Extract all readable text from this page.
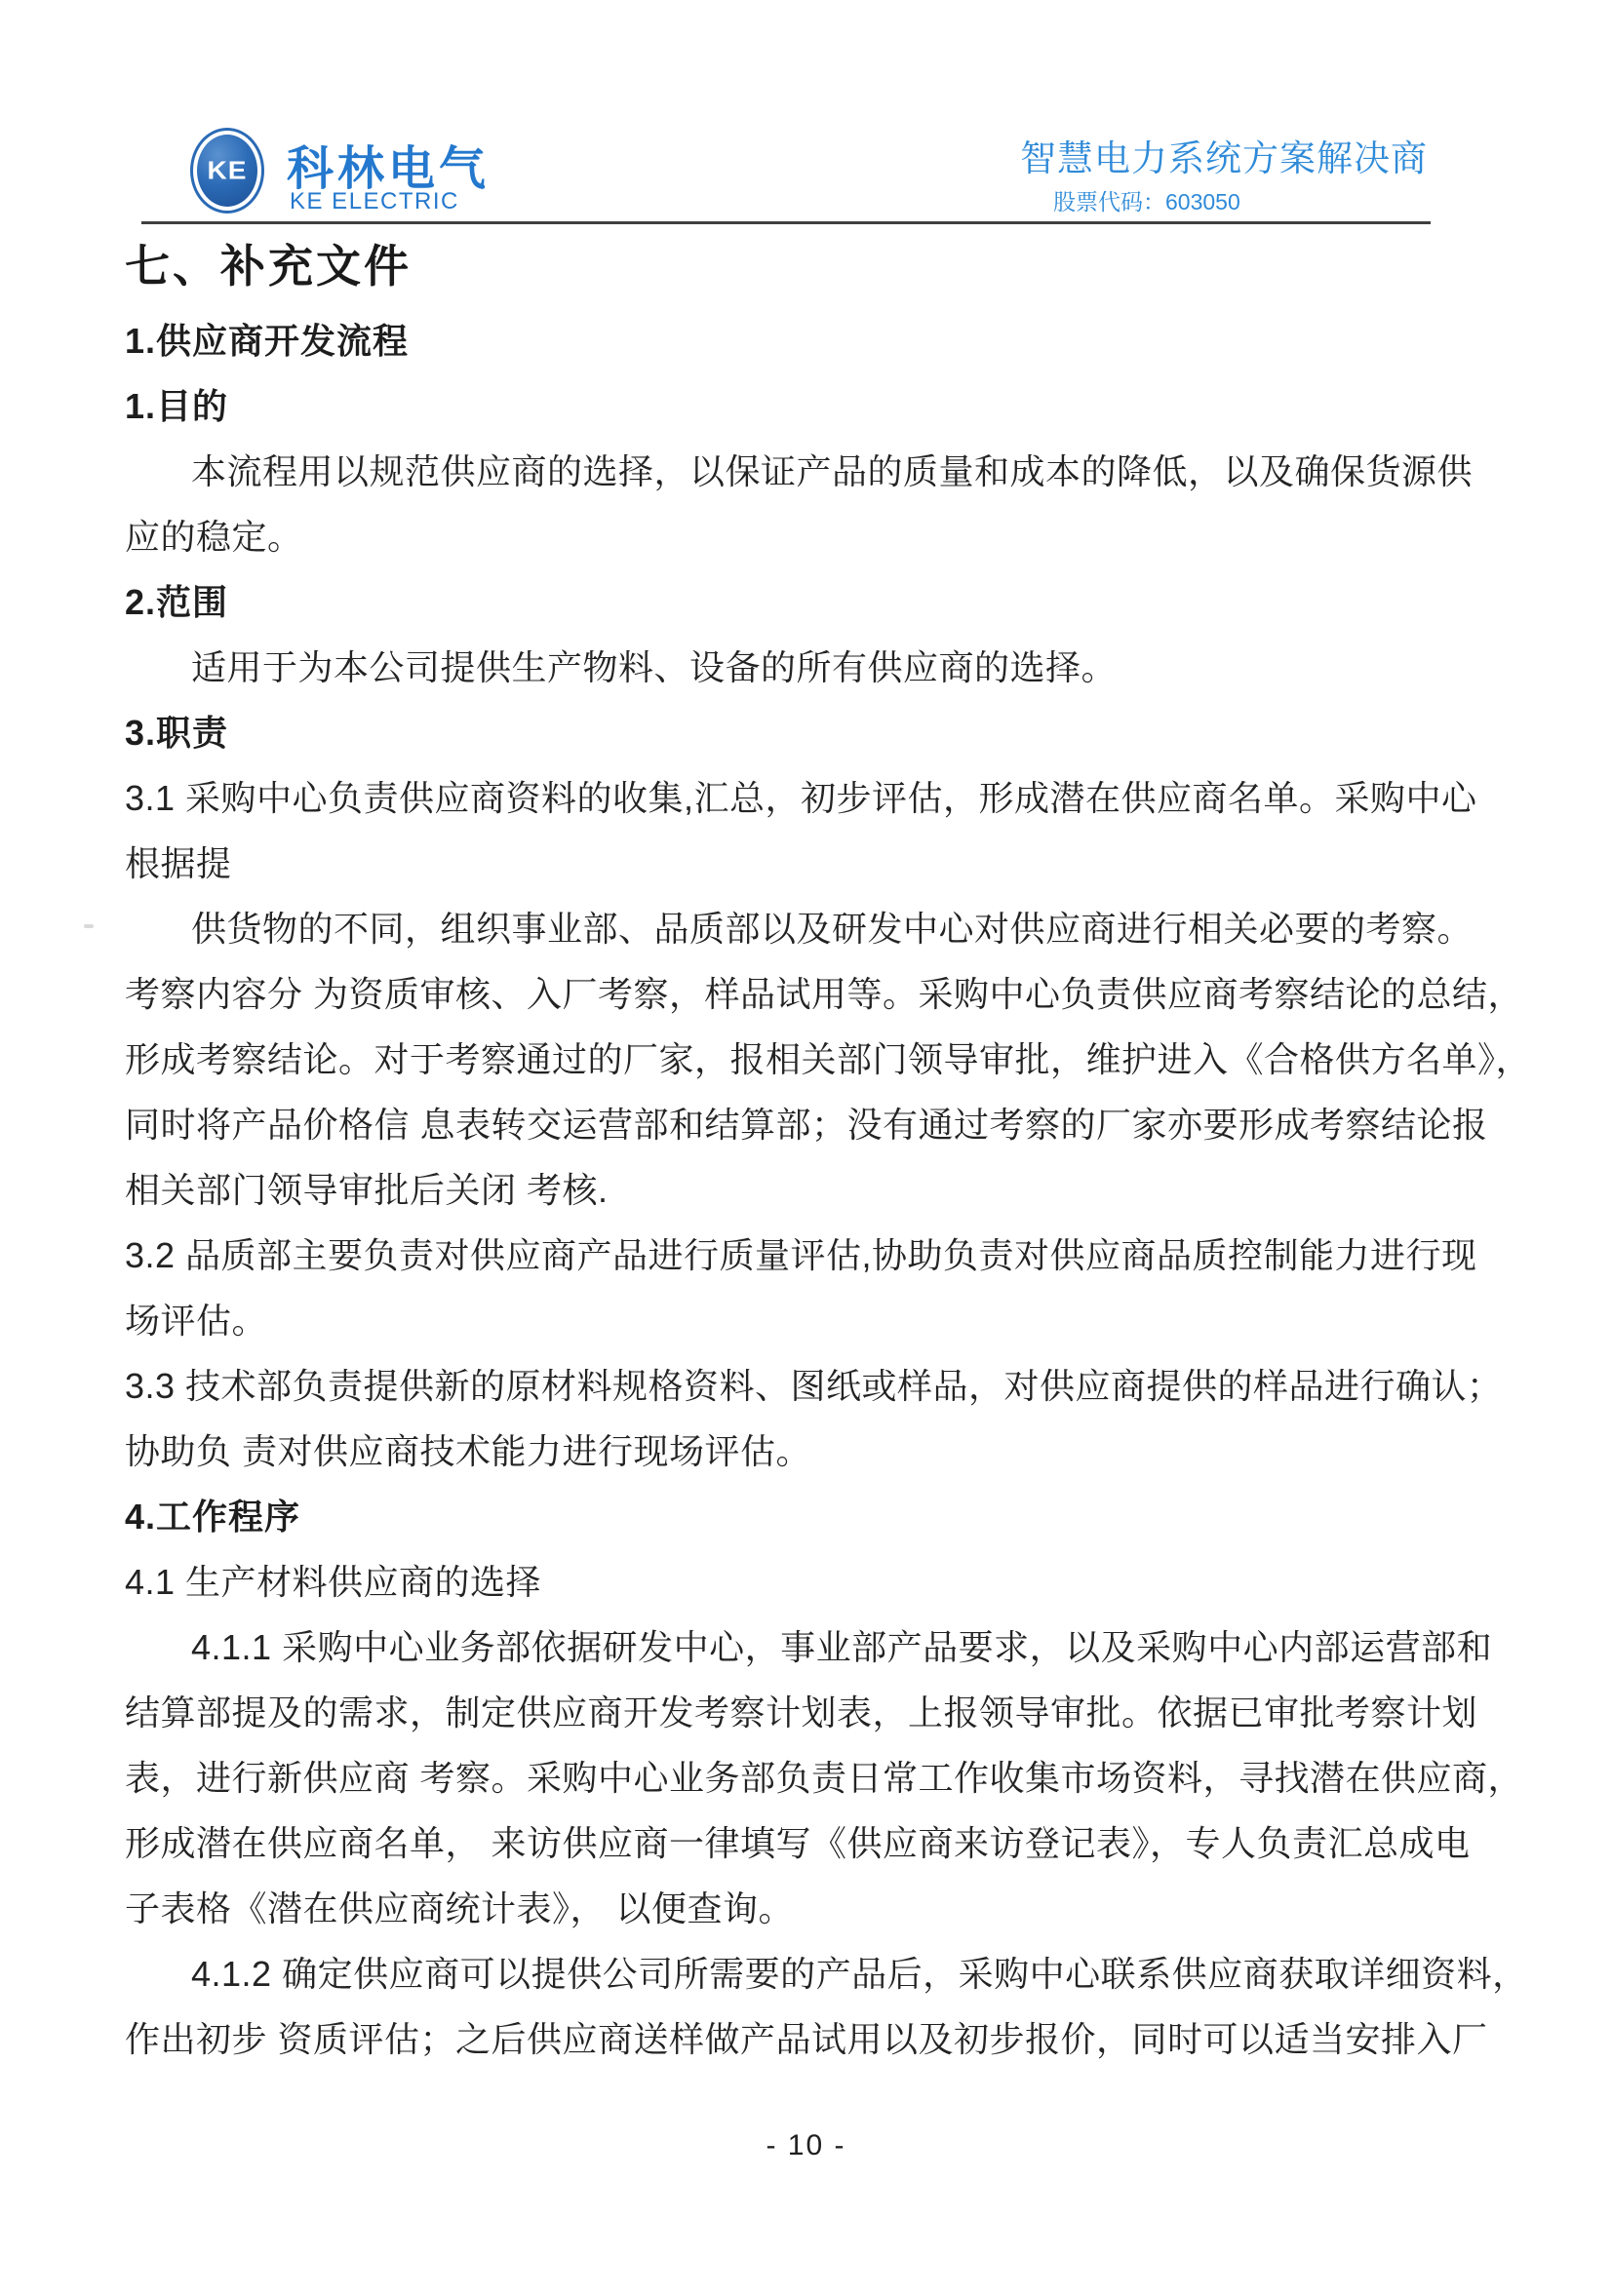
KE 科林电气
KE ELECTRIC
智慧电力系统方案解决商
股票代码：603050
七、补充文件
1.供应商开发流程
1.目的
本流程用以规范供应商的选择，以保证产品的质量和成本的降低，以及确保货源供
应的稳定。
2.范围
适用于为本公司提供生产物料、设备的所有供应商的选择。
3.职责
3.1 采购中心负责供应商资料的收集,汇总，初步评估，形成潜在供应商名单。采购中心
根据提
供货物的不同，组织事业部、品质部以及研发中心对供应商进行相关必要的考察。
考察内容分 为资质审核、入厂考察，样品试用等。采购中心负责供应商考察结论的总结，
形成考察结论。对于考察通过的厂家，报相关部门领导审批，维护进入《合格供方名单》，
同时将产品价格信 息表转交运营部和结算部；没有通过考察的厂家亦要形成考察结论报
相关部门领导审批后关闭 考核.
3.2 品质部主要负责对供应商产品进行质量评估,协助负责对供应商品质控制能力进行现
场评估。
3.3 技术部负责提供新的原材料规格资料、图纸或样品，对供应商提供的样品进行确认；
协助负 责对供应商技术能力进行现场评估。
4.工作程序
4.1 生产材料供应商的选择
4.1.1 采购中心业务部依据研发中心，事业部产品要求，以及采购中心内部运营部和
结算部提及的需求，制定供应商开发考察计划表，上报领导审批。依据已审批考察计划
表，进行新供应商 考察。采购中心业务部负责日常工作收集市场资料，寻找潜在供应商，
形成潜在供应商名单， 来访供应商一律填写《供应商来访登记表》，专人负责汇总成电
子表格《潜在供应商统计表》， 以便查询。
4.1.2 确定供应商可以提供公司所需要的产品后，采购中心联系供应商获取详细资料，
作出初步 资质评估；之后供应商送样做产品试用以及初步报价，同时可以适当安排入厂
- 10 -
